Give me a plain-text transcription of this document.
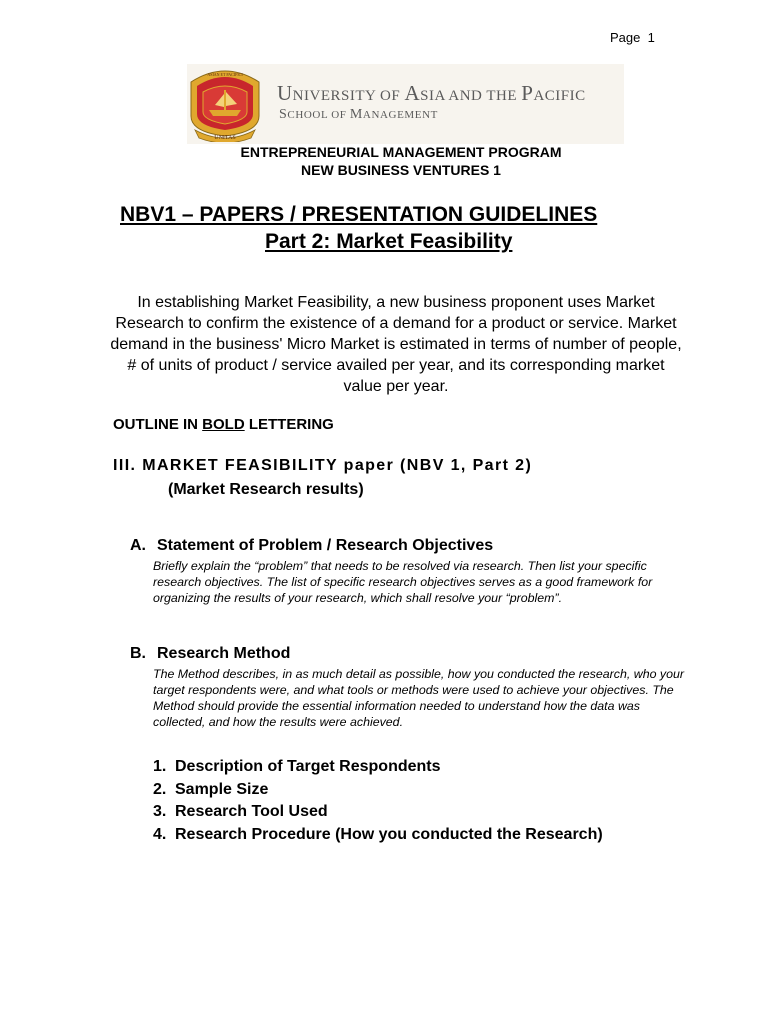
Page 1
UNITAS
ASIAN ET PACIFICI
UNIVERSITY OF ASIA AND THE PACIFIC
SCHOOL OF MANAGEMENT
ENTREPRENEURIAL MANAGEMENT PROGRAM
NEW BUSINESS VENTURES 1
NBV1 – PAPERS / PRESENTATION GUIDELINES
Part 2: Market Feasibility
In establishing Market Feasibility, a new business proponent uses Market Research to confirm the existence of a demand for a product or service. Market demand in the business' Micro Market is estimated in terms of number of people, # of units of product / service availed per year, and its corresponding market value per year.
OUTLINE IN BOLD LETTERING
III. MARKET FEASIBILITY paper (NBV 1, Part 2)
(Market Research results)
A. Statement of Problem / Research Objectives
Briefly explain the “problem” that needs to be resolved via research. Then list your specific research objectives. The list of specific research objectives serves as a good framework for organizing the results of your research, which shall resolve your “problem”.
B. Research Method
The Method describes, in as much detail as possible, how you conducted the research, who your target respondents were, and what tools or methods were used to achieve your objectives. The Method should provide the essential information needed to understand how the data was collected, and how the results were achieved.
1. Description of Target Respondents
2. Sample Size
3. Research Tool Used
4. Research Procedure (How you conducted the Research)
